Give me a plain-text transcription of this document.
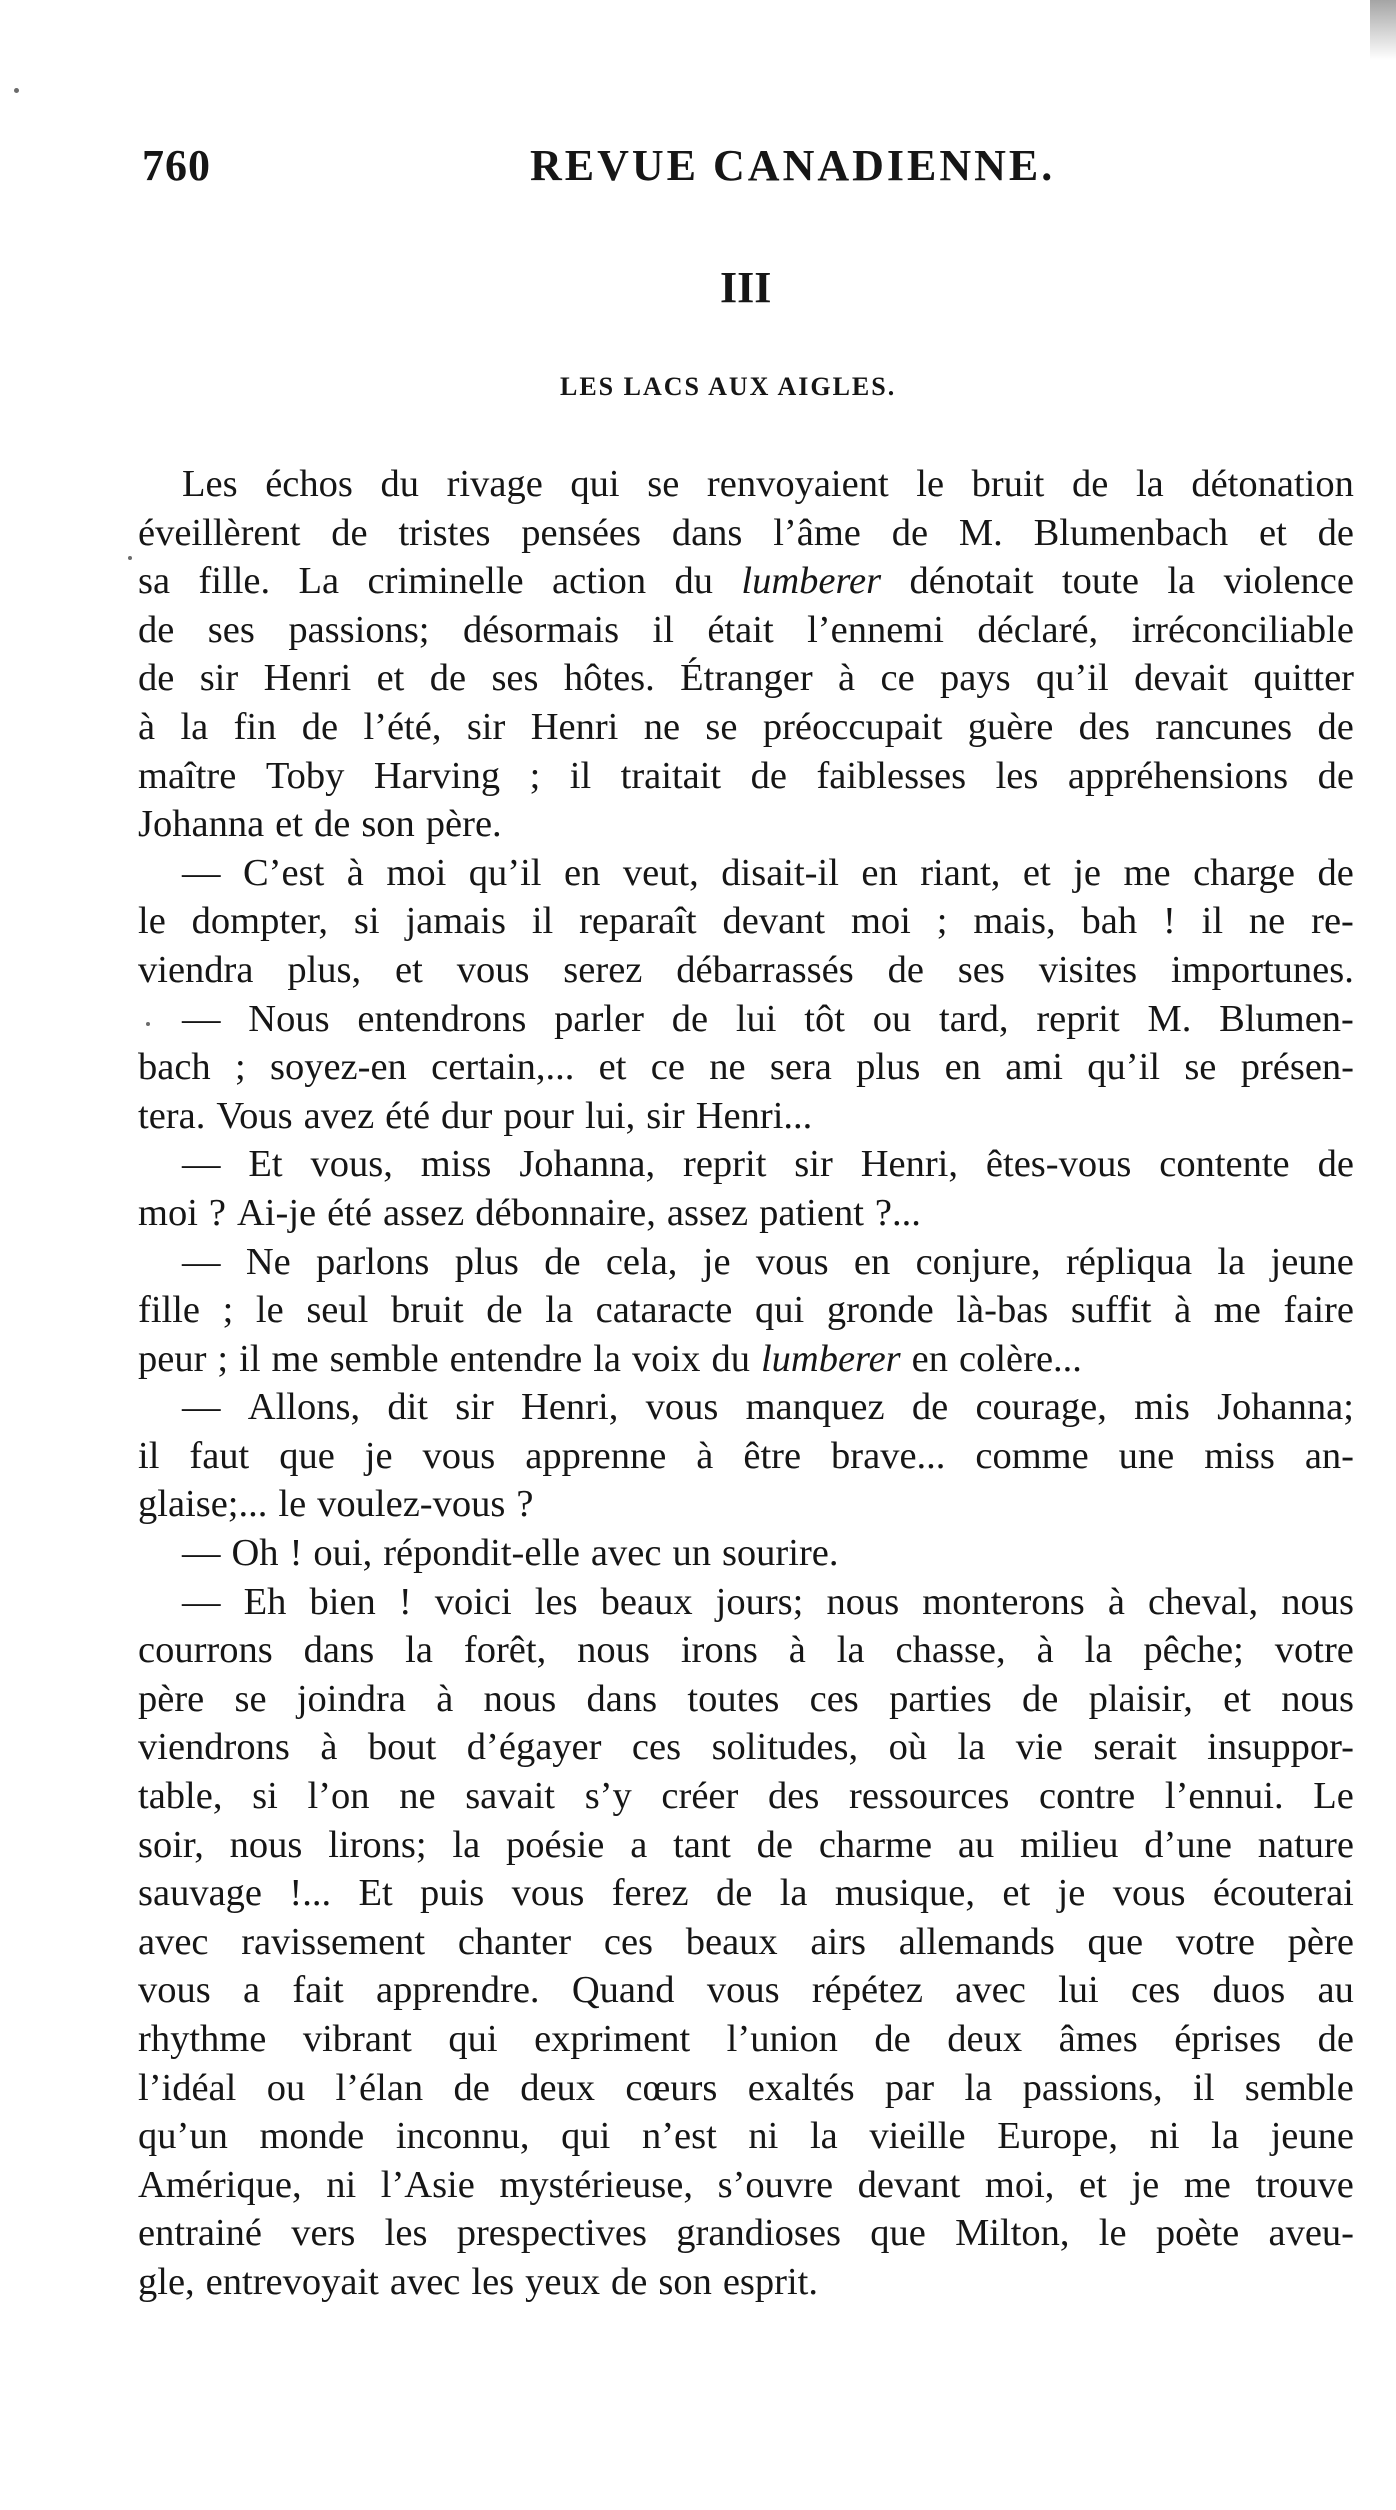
760	REVUE CANADIENNE.
III
LES LACS AUX AIGLES.
Les échos du rivage qui se renvoyaient le bruit de la détonation
éveillèrent de tristes pensées dans l’âme de M. Blumenbach et de
sa fille. La criminelle action du lumberer dénotait toute la violence
de ses passions; désormais il était l’ennemi déclaré, irréconciliable
de sir Henri et de ses hôtes. Étranger à ce pays qu’il devait quitter
à la fin de l’été, sir Henri ne se préoccupait guère des rancunes de
maître Toby Harving ; il traitait de faiblesses les appréhensions de
Johanna et de son père.
— C’est à moi qu’il en veut, disait-il en riant, et je me charge de
le dompter, si jamais il reparaît devant moi ; mais, bah ! il ne re-
viendra plus, et vous serez débarrassés de ses visites importunes.
— Nous entendrons parler de lui tôt ou tard, reprit M. Blumen-
bach ; soyez-en certain,... et ce ne sera plus en ami qu’il se présen-
tera. Vous avez été dur pour lui, sir Henri...
— Et vous, miss Johanna, reprit sir Henri, êtes-vous contente de
moi ? Ai-je été assez débonnaire, assez patient ?...
— Ne parlons plus de cela, je vous en conjure, répliqua la jeune
fille ; le seul bruit de la cataracte qui gronde là-bas suffit à me faire
peur ; il me semble entendre la voix du lumberer en colère...
— Allons, dit sir Henri, vous manquez de courage, mis Johanna;
il faut que je vous apprenne à être brave... comme une miss an-
glaise;... le voulez-vous ?
— Oh ! oui, répondit-elle avec un sourire.
— Eh bien ! voici les beaux jours; nous monterons à cheval, nous
courrons dans la forêt, nous irons à la chasse, à la pêche; votre
père se joindra à nous dans toutes ces parties de plaisir, et nous
viendrons à bout d’égayer ces solitudes, où la vie serait insuppor-
table, si l’on ne savait s’y créer des ressources contre l’ennui. Le
soir, nous lirons; la poésie a tant de charme au milieu d’une nature
sauvage !... Et puis vous ferez de la musique, et je vous écouterai
avec ravissement chanter ces beaux airs allemands que votre père
vous a fait apprendre. Quand vous répétez avec lui ces duos au
rhythme vibrant qui expriment l’union de deux âmes éprises de
l’idéal ou l’élan de deux cœurs exaltés par la passions, il semble
qu’un monde inconnu, qui n’est ni la vieille Europe, ni la jeune
Amérique, ni l’Asie mystérieuse, s’ouvre devant moi, et je me trouve
entrainé vers les prespectives grandioses que Milton, le poète aveu-
gle, entrevoyait avec les yeux de son esprit.
